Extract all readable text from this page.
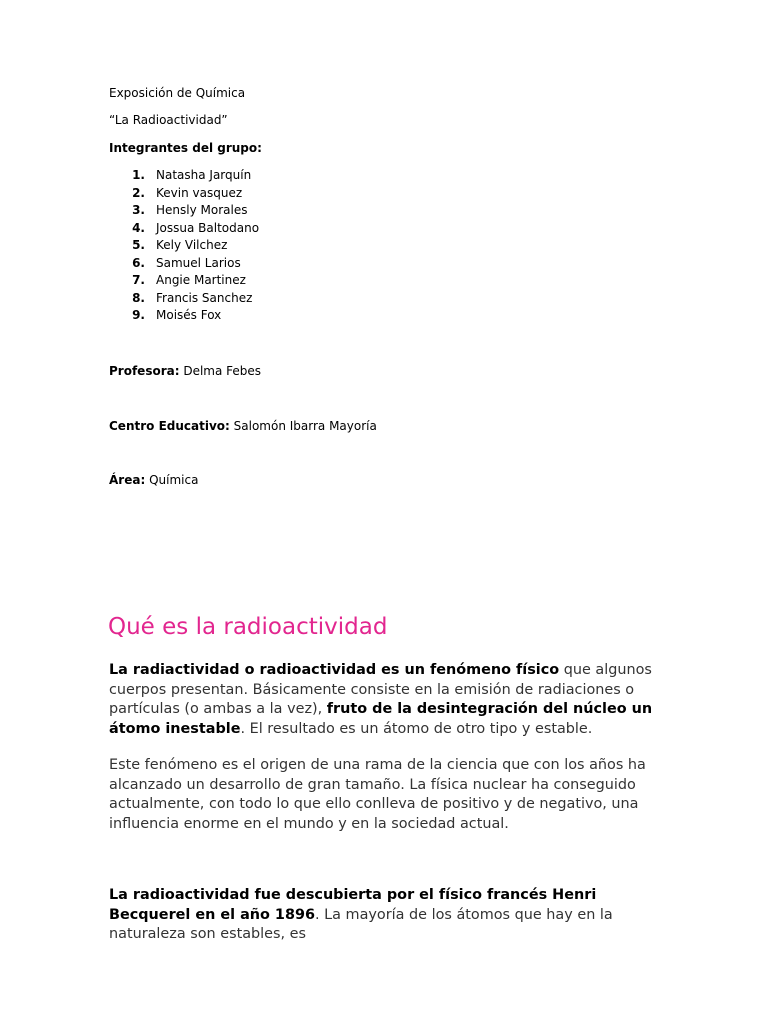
Exposición de Química
“La Radioactividad”
Integrantes del grupo:
1. Natasha Jarquín
2. Kevin vasquez
3. Hensly Morales
4. Jossua Baltodano
5. Kely Vilchez
6. Samuel Larios
7. Angie Martinez
8. Francis Sanchez
9. Moisés Fox
Profesora: Delma Febes
Centro Educativo: Salomón Ibarra Mayoría
Área: Química
Qué es la radioactividad
La radiactividad o radioactividad es un fenómeno físico que algunos cuerpos presentan. Básicamente consiste en la emisión de radiaciones o partículas (o ambas a la vez), fruto de la desintegración del núcleo un átomo inestable. El resultado es un átomo de otro tipo y estable.
Este fenómeno es el origen de una rama de la ciencia que con los años ha alcanzado un desarrollo de gran tamaño. La física nuclear ha conseguido actualmente, con todo lo que ello conlleva de positivo y de negativo, una influencia enorme en el mundo y en la sociedad actual.
La radioactividad fue descubierta por el físico francés Henri Becquerel en el año 1896. La mayoría de los átomos que hay en la naturaleza son estables, es
